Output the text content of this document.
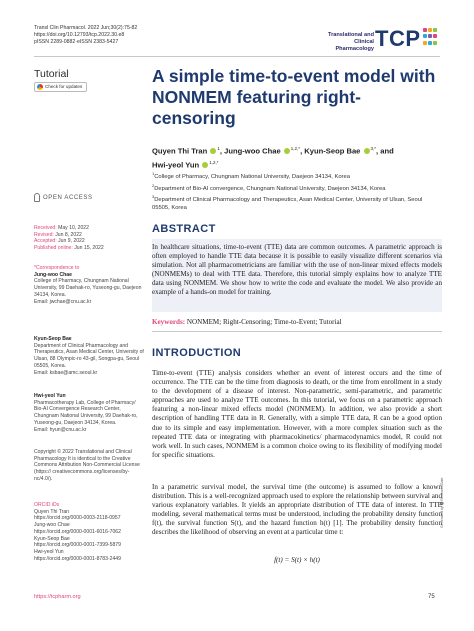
Transl Clin Pharmacol. 2022 Jun;30(2):75-82
https://doi.org/10.12793/tcp.2022.30.e8
pISSN 2289-0882·eISSN 2383-5427
Translational and Clinical Pharmacology TCP
Tutorial
Check for updates
A simple time-to-event model with NONMEM featuring right-censoring
Quyen Thi Tran $^1$, Jung-woo Chae $^{1,2,*}$, Kyun-Seop Bae $^{3,*}$, and
Hwi-yeol Yun $^{1,2,*}$
$^1$College of Pharmacy, Chungnam National University, Daejeon 34134, Korea
$^2$Department of Bio-AI convergence, Chungnam National University, Daejeon 34134, Korea
$^3$Department of Clinical Pharmacology and Therapeutics, Asan Medical Center, University of Ulsan, Seoul 05505, Korea
OPEN ACCESS
Received: May 10, 2022
Revised: Jun 8, 2022
Accepted: Jun 9, 2022
Published online: Jun 15, 2022
*Correspondence to
Jung-woo Chae
College of Pharmacy, Chungnam National University, 99 Daehak-ro, Yuseong-gu, Daejeon 34134, Korea.
Email: jwchae@cnu.ac.kr
Kyun-Seop Bae
Department of Clinical Pharmacology and Therapeutics, Asan Medical Center, University of Ulsan, 88 Olympic-ro 43-gil, Songpa-gu, Seoul 05505, Korea.
Email: ksbae@amc.seoul.kr
Hwi-yeol Yun
Pharmacotherapy Lab, College of Pharmacy/ Bio-AI Convergence Research Center, Chungnam National University, 99 Daehak-ro, Yuseong-gu, Daejeon 34134, Korea.
Email: hyun@cnu.ac.kr
Copyright © 2022 Translational and Clinical Pharmacology It is identical to the Creative Commons Attribution Non-Commercial License (https:// creativecommons.org/licenses/by-nc/4.0/).
ORCID iDs
Quyen Thi Tran
https://orcid.org/0000-0003-2118-0957
Jung-woo Chae
https://orcid.org/0000-0001-6016-7062
Kyun-Seop Bae
https://orcid.org/0000-0001-7399-5879
Hwi-yeol Yun
https://orcid.org/0000-0001-8783-2449
ABSTRACT

In healthcare situations, time-to-event (TTE) data are common outcomes. A parametric approach is often employed to handle TTE data because it is possible to easily visualize different scenarios via simulation. Not all pharmacometricians are familiar with the use of non-linear mixed effects models (NONMEMs) to deal with TTE data. Therefore, this tutorial simply explains how to analyze TTE data using NONMEM. We show how to write the code and evaluate the model. We also provide an example of a hands-on model for training.

Keywords: NONMEM; Right-Censoring; Time-to-Event; Tutorial
INTRODUCTION

Time-to-event (TTE) analysis considers whether an event of interest occurs and the time of occurrence. The TTE can be the time from diagnosis to death, or the time from enrollment in a study to the development of a disease of interest. Non-parametric, semi-parametric, and parametric approaches are used to analyze TTE outcomes. In this tutorial, we focus on a parametric approach featuring a non-linear mixed effects model (NONMEM). In addition, we also provide a short description of handling TTE data in R. Generally, with a simple TTE data, R can be a good option due to its simple and easy implementation. However, with a more complex situation such as the repeated TTE data or integrating with pharmacokinetics/ pharmacodynamics model, R could not work well. In such cases, NONMEM is a common choice owing to its flexibility of modifying model for specific situations.

In a parametric survival model, the survival time (the outcome) is assumed to follow a known distribution. This is a well-recognized approach used to explore the relationship between survival and various explanatory variables. It yields an appropriate distribution of TTE data of interest. In TTE modeling, several mathematical terms must be understood, including the probability density function f(t), the survival function S(t), and the hazard function h(t) [1]. The probability density function describes the likelihood of observing an event at a particular time t:

f(t) = S(t) × h(t)
https://tcpharm.org	75
Generated by 🅐 ResearchGate
